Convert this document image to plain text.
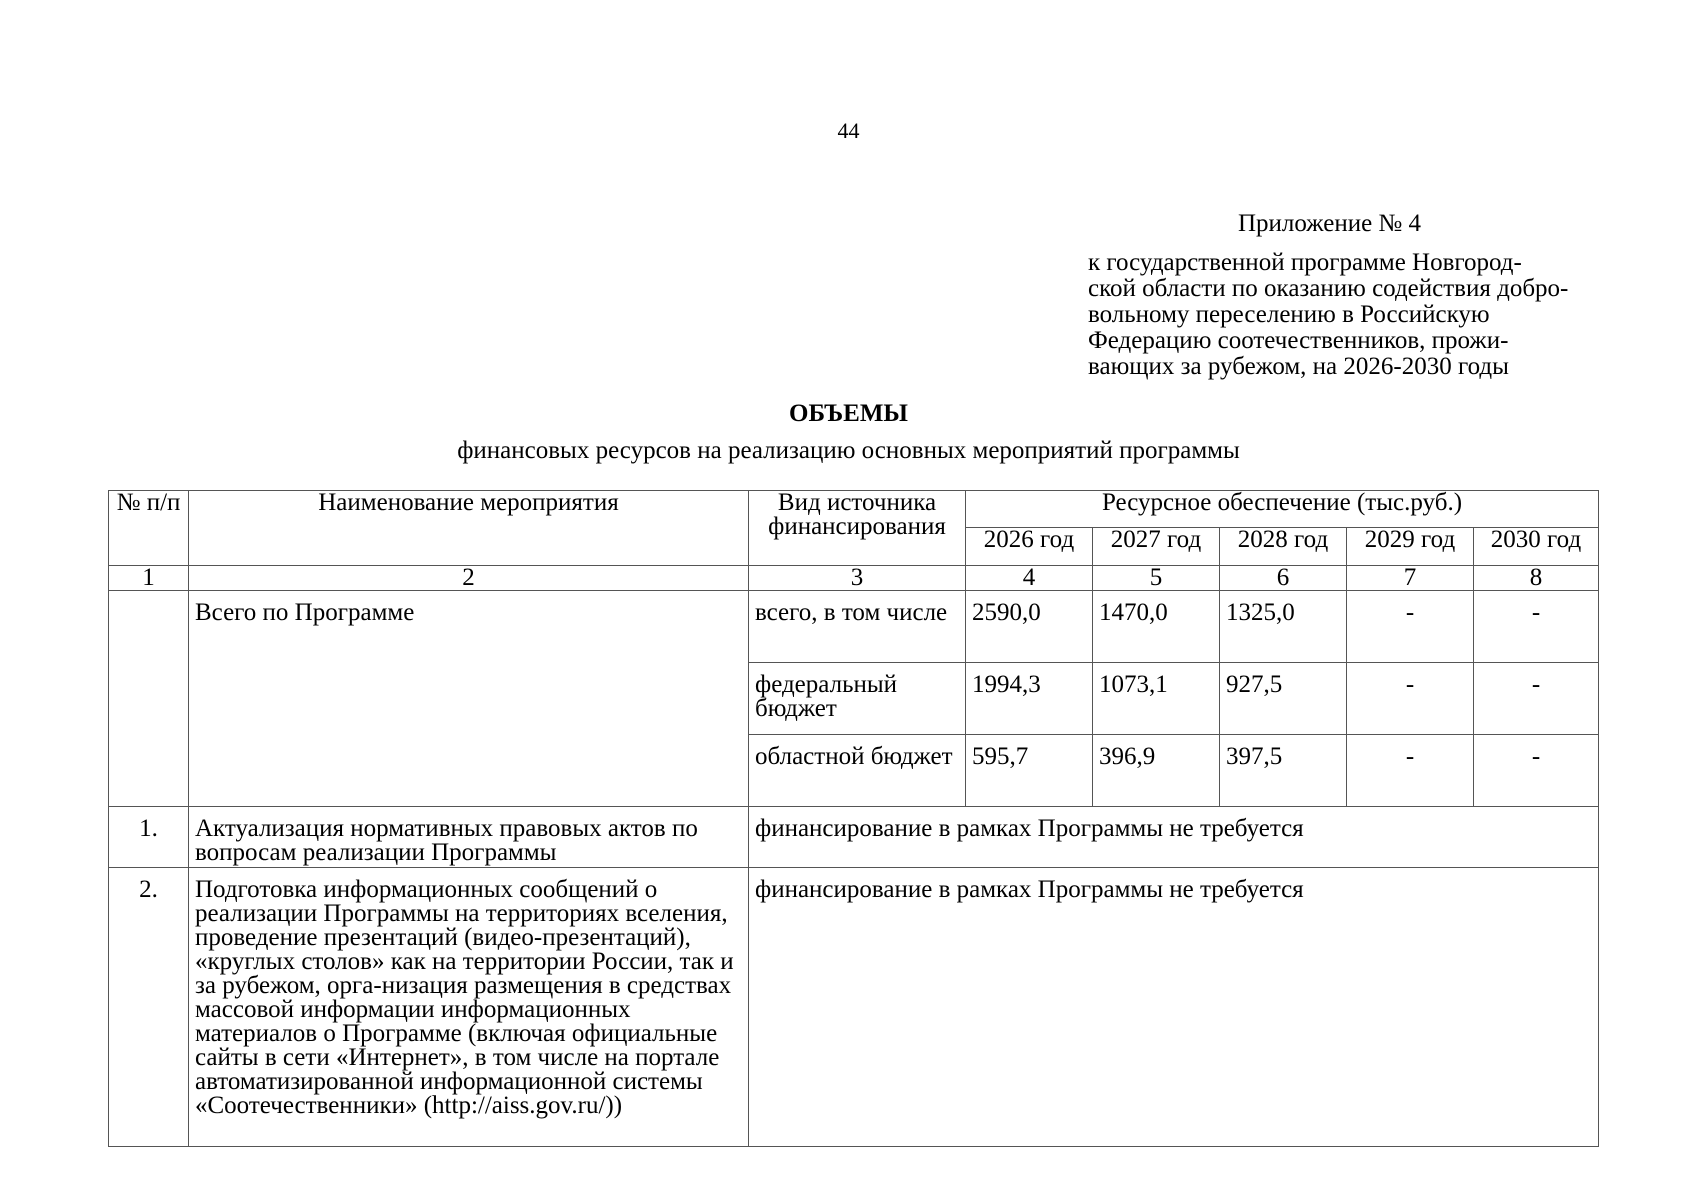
44
Приложение № 4
к государственной программе Новгород-
ской области по оказанию содействия добро-
вольному переселению в Российскую
Федерацию соотечественников, прожи-
вающих за рубежом, на 2026-2030 годы
ОБЪЕМЫ
финансовых ресурсов на реализацию основных мероприятий программы
№ п/п	Наименование мероприятия	Вид источника финансирования	Ресурсное обеспечение (тыс.руб.)				
			2026 год	2027 год	2028 год	2029 год	2030 год
1	2	3	4	5	6	7	8
	Всего по Программе	всего, в том числе	2590,0	1470,0	1325,0	-	-
		федеральный бюджет	1994,3	1073,1	927,5	-	-
		областной бюджет	595,7	396,9	397,5	-	-
1.	Актуализация нормативных правовых актов по вопросам реализации Программы	финансирование в рамках Программы не требуется					
2.	Подготовка информационных сообщений о реализации Программы на территориях вселения, проведение презентаций (видео-презентаций), «круглых столов» как на территории России, так и за рубежом, орга-низация размещения в средствах массовой информации информационных материалов о Программе (включая официальные сайты в сети «Интернет», в том числе на портале автоматизированной информационной системы «Соотечественники» (http://aiss.gov.ru/))	финансирование в рамках Программы не требуется					
